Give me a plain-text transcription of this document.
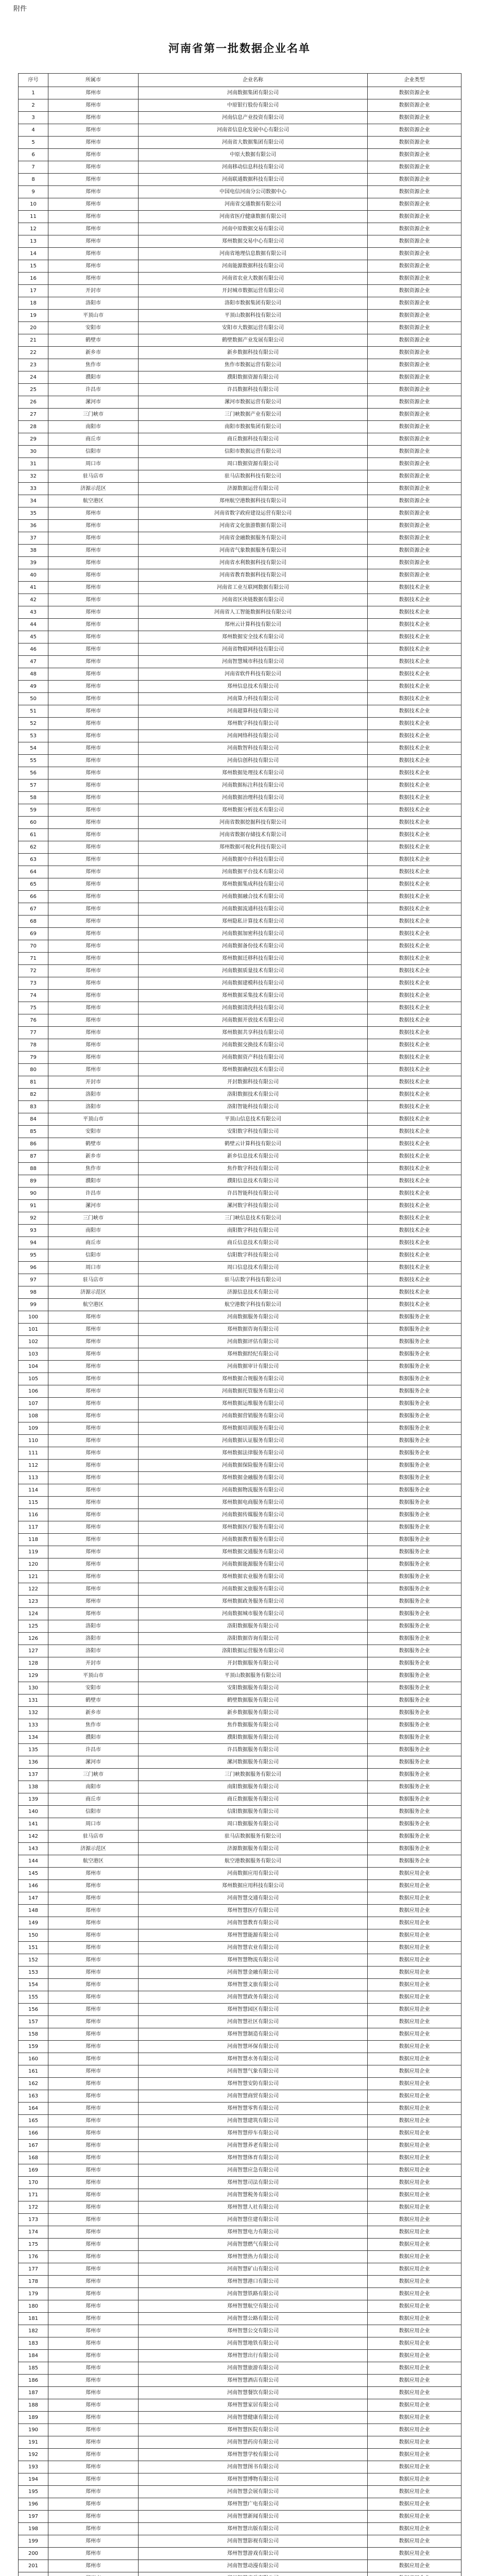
附件
河南省第一批数据企业名单
序号	所属市	企业名称	企业类型
1	郑州市	河南数据集团有限公司	数据资源企业
2	郑州市	中原银行股份有限公司	数据资源企业
3	郑州市	河南信息产业投资有限公司	数据资源企业
4	郑州市	河南省信息化发展中心有限公司	数据资源企业
5	郑州市	河南省大数据集团有限公司	数据资源企业
6	郑州市	中原大数据有限公司	数据资源企业
7	郑州市	河南移动信息科技有限公司	数据资源企业
8	郑州市	河南联通数据科技有限公司	数据资源企业
9	郑州市	中国电信河南分公司数据中心	数据资源企业
10	郑州市	河南省交通数据有限公司	数据资源企业
11	郑州市	河南省医疗健康数据有限公司	数据资源企业
12	郑州市	河南中原数据交易有限公司	数据资源企业
13	郑州市	郑州数据交易中心有限公司	数据资源企业
14	郑州市	河南省地理信息数据有限公司	数据资源企业
15	郑州市	河南能源数据科技有限公司	数据资源企业
16	郑州市	河南省农业大数据有限公司	数据资源企业
17	开封市	开封城市数据运营有限公司	数据资源企业
18	洛阳市	洛阳市数据集团有限公司	数据资源企业
19	平顶山市	平顶山数据科技有限公司	数据资源企业
20	安阳市	安阳市大数据运营有限公司	数据资源企业
21	鹤壁市	鹤壁数据产业发展有限公司	数据资源企业
22	新乡市	新乡数据科技有限公司	数据资源企业
23	焦作市	焦作市数据运营有限公司	数据资源企业
24	濮阳市	濮阳数据资源有限公司	数据资源企业
25	许昌市	许昌数据科技有限公司	数据资源企业
26	漯河市	漯河市数据运营有限公司	数据资源企业
27	三门峡市	三门峡数据产业有限公司	数据资源企业
28	南阳市	南阳市数据集团有限公司	数据资源企业
29	商丘市	商丘数据科技有限公司	数据资源企业
30	信阳市	信阳市数据运营有限公司	数据资源企业
31	周口市	周口数据资源有限公司	数据资源企业
32	驻马店市	驻马店数据科技有限公司	数据资源企业
33	济源示范区	济源数据运营有限公司	数据资源企业
34	航空港区	郑州航空港数据科技有限公司	数据资源企业
35	郑州市	河南省数字政府建设运营有限公司	数据资源企业
36	郑州市	河南省文化旅游数据有限公司	数据资源企业
37	郑州市	河南省金融数据服务有限公司	数据资源企业
38	郑州市	河南省气象数据服务有限公司	数据资源企业
39	郑州市	河南省水利数据科技有限公司	数据资源企业
40	郑州市	河南省教育数据科技有限公司	数据资源企业
41	郑州市	河南省工业互联网数据有限公司	数据技术企业
42	郑州市	河南省区块链数据有限公司	数据技术企业
43	郑州市	河南省人工智能数据科技有限公司	数据技术企业
44	郑州市	郑州云计算科技有限公司	数据技术企业
45	郑州市	郑州数据安全技术有限公司	数据技术企业
46	郑州市	河南省物联网科技有限公司	数据技术企业
47	郑州市	河南智慧城市科技有限公司	数据技术企业
48	郑州市	河南省软件科技有限公司	数据技术企业
49	郑州市	郑州信息技术有限公司	数据技术企业
50	郑州市	河南算力科技有限公司	数据技术企业
51	郑州市	河南超算科技有限公司	数据技术企业
52	郑州市	郑州数字科技有限公司	数据技术企业
53	郑州市	河南网络科技有限公司	数据技术企业
54	郑州市	河南数智科技有限公司	数据技术企业
55	郑州市	河南信创科技有限公司	数据技术企业
56	郑州市	郑州数据处理技术有限公司	数据技术企业
57	郑州市	河南数据标注科技有限公司	数据技术企业
58	郑州市	河南数据治理科技有限公司	数据技术企业
59	郑州市	郑州数据分析技术有限公司	数据技术企业
60	郑州市	河南省数据挖掘科技有限公司	数据技术企业
61	郑州市	河南省数据存储技术有限公司	数据技术企业
62	郑州市	郑州数据可视化科技有限公司	数据技术企业
63	郑州市	河南数据中台科技有限公司	数据技术企业
64	郑州市	河南数据平台技术有限公司	数据技术企业
65	郑州市	郑州数据集成科技有限公司	数据技术企业
66	郑州市	河南数据融合技术有限公司	数据技术企业
67	郑州市	河南数据流通科技有限公司	数据技术企业
68	郑州市	郑州隐私计算技术有限公司	数据技术企业
69	郑州市	河南数据加密科技有限公司	数据技术企业
70	郑州市	河南数据备份技术有限公司	数据技术企业
71	郑州市	郑州数据迁移科技有限公司	数据技术企业
72	郑州市	河南数据质量技术有限公司	数据技术企业
73	郑州市	河南数据建模科技有限公司	数据技术企业
74	郑州市	郑州数据采集技术有限公司	数据技术企业
75	郑州市	河南数据清洗科技有限公司	数据技术企业
76	郑州市	河南数据开放技术有限公司	数据技术企业
77	郑州市	郑州数据共享科技有限公司	数据技术企业
78	郑州市	河南数据交换技术有限公司	数据技术企业
79	郑州市	河南数据资产科技有限公司	数据技术企业
80	郑州市	郑州数据确权技术有限公司	数据技术企业
81	开封市	开封数据科技有限公司	数据技术企业
82	洛阳市	洛阳数据技术有限公司	数据技术企业
83	洛阳市	洛阳智能科技有限公司	数据技术企业
84	平顶山市	平顶山信息技术有限公司	数据技术企业
85	安阳市	安阳数字科技有限公司	数据技术企业
86	鹤壁市	鹤壁云计算科技有限公司	数据技术企业
87	新乡市	新乡信息技术有限公司	数据技术企业
88	焦作市	焦作数字科技有限公司	数据技术企业
89	濮阳市	濮阳信息技术有限公司	数据技术企业
90	许昌市	许昌智能科技有限公司	数据技术企业
91	漯河市	漯河数字科技有限公司	数据技术企业
92	三门峡市	三门峡信息技术有限公司	数据技术企业
93	南阳市	南阳数字科技有限公司	数据技术企业
94	商丘市	商丘信息技术有限公司	数据技术企业
95	信阳市	信阳数字科技有限公司	数据技术企业
96	周口市	周口信息技术有限公司	数据技术企业
97	驻马店市	驻马店数字科技有限公司	数据技术企业
98	济源示范区	济源信息技术有限公司	数据技术企业
99	航空港区	航空港数字科技有限公司	数据技术企业
100	郑州市	河南数据服务有限公司	数据服务企业
101	郑州市	郑州数据咨询有限公司	数据服务企业
102	郑州市	河南数据评估有限公司	数据服务企业
103	郑州市	郑州数据经纪有限公司	数据服务企业
104	郑州市	河南数据审计有限公司	数据服务企业
105	郑州市	郑州数据合规服务有限公司	数据服务企业
106	郑州市	河南数据托管服务有限公司	数据服务企业
107	郑州市	郑州数据运维服务有限公司	数据服务企业
108	郑州市	河南数据营销服务有限公司	数据服务企业
109	郑州市	郑州数据培训服务有限公司	数据服务企业
110	郑州市	河南数据认证服务有限公司	数据服务企业
111	郑州市	郑州数据法律服务有限公司	数据服务企业
112	郑州市	河南数据保险服务有限公司	数据服务企业
113	郑州市	郑州数据金融服务有限公司	数据服务企业
114	郑州市	河南数据物流服务有限公司	数据服务企业
115	郑州市	郑州数据电商服务有限公司	数据服务企业
116	郑州市	河南数据传媒服务有限公司	数据服务企业
117	郑州市	郑州数据医疗服务有限公司	数据服务企业
118	郑州市	河南数据教育服务有限公司	数据服务企业
119	郑州市	郑州数据交通服务有限公司	数据服务企业
120	郑州市	河南数据能源服务有限公司	数据服务企业
121	郑州市	郑州数据农业服务有限公司	数据服务企业
122	郑州市	河南数据文旅服务有限公司	数据服务企业
123	郑州市	郑州数据政务服务有限公司	数据服务企业
124	郑州市	河南数据城市服务有限公司	数据服务企业
125	洛阳市	洛阳数据服务有限公司	数据服务企业
126	洛阳市	洛阳数据咨询有限公司	数据服务企业
127	洛阳市	洛阳数据运营服务有限公司	数据服务企业
128	开封市	开封数据服务有限公司	数据服务企业
129	平顶山市	平顶山数据服务有限公司	数据服务企业
130	安阳市	安阳数据服务有限公司	数据服务企业
131	鹤壁市	鹤壁数据服务有限公司	数据服务企业
132	新乡市	新乡数据服务有限公司	数据服务企业
133	焦作市	焦作数据服务有限公司	数据服务企业
134	濮阳市	濮阳数据服务有限公司	数据服务企业
135	许昌市	许昌数据服务有限公司	数据服务企业
136	漯河市	漯河数据服务有限公司	数据服务企业
137	三门峡市	三门峡数据服务有限公司	数据服务企业
138	南阳市	南阳数据服务有限公司	数据服务企业
139	商丘市	商丘数据服务有限公司	数据服务企业
140	信阳市	信阳数据服务有限公司	数据服务企业
141	周口市	周口数据服务有限公司	数据服务企业
142	驻马店市	驻马店数据服务有限公司	数据服务企业
143	济源示范区	济源数据服务有限公司	数据服务企业
144	航空港区	航空港数据服务有限公司	数据服务企业
145	郑州市	河南数据应用有限公司	数据应用企业
146	郑州市	郑州数据应用科技有限公司	数据应用企业
147	郑州市	河南智慧交通有限公司	数据应用企业
148	郑州市	郑州智慧医疗有限公司	数据应用企业
149	郑州市	河南智慧教育有限公司	数据应用企业
150	郑州市	郑州智慧能源有限公司	数据应用企业
151	郑州市	河南智慧农业有限公司	数据应用企业
152	郑州市	郑州智慧物流有限公司	数据应用企业
153	郑州市	河南智慧金融有限公司	数据应用企业
154	郑州市	郑州智慧文旅有限公司	数据应用企业
155	郑州市	河南智慧政务有限公司	数据应用企业
156	郑州市	郑州智慧园区有限公司	数据应用企业
157	郑州市	河南智慧社区有限公司	数据应用企业
158	郑州市	郑州智慧制造有限公司	数据应用企业
159	郑州市	河南智慧环保有限公司	数据应用企业
160	郑州市	郑州智慧水务有限公司	数据应用企业
161	郑州市	河南智慧气象有限公司	数据应用企业
162	郑州市	郑州智慧安防有限公司	数据应用企业
163	郑州市	河南智慧商贸有限公司	数据应用企业
164	郑州市	郑州智慧零售有限公司	数据应用企业
165	郑州市	河南智慧建筑有限公司	数据应用企业
166	郑州市	郑州智慧停车有限公司	数据应用企业
167	郑州市	河南智慧养老有限公司	数据应用企业
168	郑州市	郑州智慧体育有限公司	数据应用企业
169	郑州市	河南智慧应急有限公司	数据应用企业
170	郑州市	郑州智慧司法有限公司	数据应用企业
171	郑州市	河南智慧税务有限公司	数据应用企业
172	郑州市	郑州智慧人社有限公司	数据应用企业
173	郑州市	河南智慧住建有限公司	数据应用企业
174	郑州市	郑州智慧电力有限公司	数据应用企业
175	郑州市	河南智慧燃气有限公司	数据应用企业
176	郑州市	郑州智慧热力有限公司	数据应用企业
177	郑州市	河南智慧矿山有限公司	数据应用企业
178	郑州市	郑州智慧港口有限公司	数据应用企业
179	郑州市	河南智慧铁路有限公司	数据应用企业
180	郑州市	郑州智慧航空有限公司	数据应用企业
181	郑州市	河南智慧公路有限公司	数据应用企业
182	郑州市	郑州智慧公交有限公司	数据应用企业
183	郑州市	河南智慧地铁有限公司	数据应用企业
184	郑州市	郑州智慧出行有限公司	数据应用企业
185	郑州市	河南智慧旅游有限公司	数据应用企业
186	郑州市	郑州智慧酒店有限公司	数据应用企业
187	郑州市	河南智慧餐饮有限公司	数据应用企业
188	郑州市	郑州智慧家居有限公司	数据应用企业
189	郑州市	河南智慧健康有限公司	数据应用企业
190	郑州市	郑州智慧医院有限公司	数据应用企业
191	郑州市	河南智慧药房有限公司	数据应用企业
192	郑州市	郑州智慧学校有限公司	数据应用企业
193	郑州市	河南智慧图书有限公司	数据应用企业
194	郑州市	郑州智慧博物有限公司	数据应用企业
195	郑州市	河南智慧会展有限公司	数据应用企业
196	郑州市	郑州智慧广电有限公司	数据应用企业
197	郑州市	河南智慧新闻有限公司	数据应用企业
198	郑州市	郑州智慧出版有限公司	数据应用企业
199	郑州市	河南智慧影视有限公司	数据应用企业
200	郑州市	郑州智慧游戏有限公司	数据应用企业
201	郑州市	河南智慧动漫有限公司	数据应用企业
